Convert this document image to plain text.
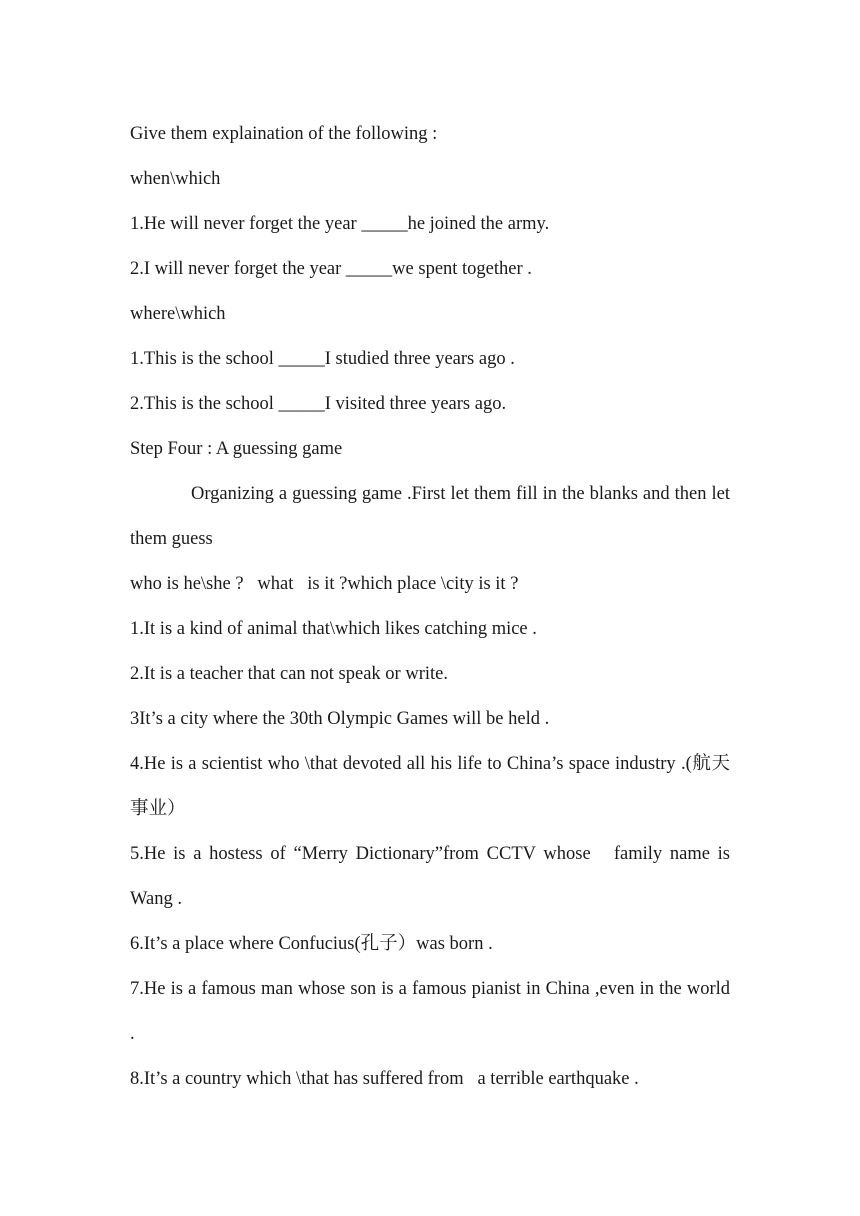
Give them explaination of the following :
when\which
1.He will never forget the year _____he joined the army.
2.I will never forget the year _____we spent together .
where\which
1.This is the school _____I studied three years ago .
2.This is the school _____I visited three years ago.
Step Four : A guessing game
Organizing a guessing game .First let them fill in the blanks and then let them guess
who is he\she ?   what   is it ?which place \city is it ?
1.It is a kind of animal that\which likes catching mice .
2.It is a teacher that can not speak or write.
3It’s a city where the 30th Olympic Games will be held .
4.He is a scientist who \that devoted all his life to China’s space industry .(航天事业）
5.He is a hostess of “Merry Dictionary”from CCTV whose   family name is Wang .
6.It’s a place where Confucius(孔子）was born .
7.He is a famous man whose son is a famous pianist in China ,even in the world .
8.It’s a country which \that has suffered from   a terrible earthquake .
